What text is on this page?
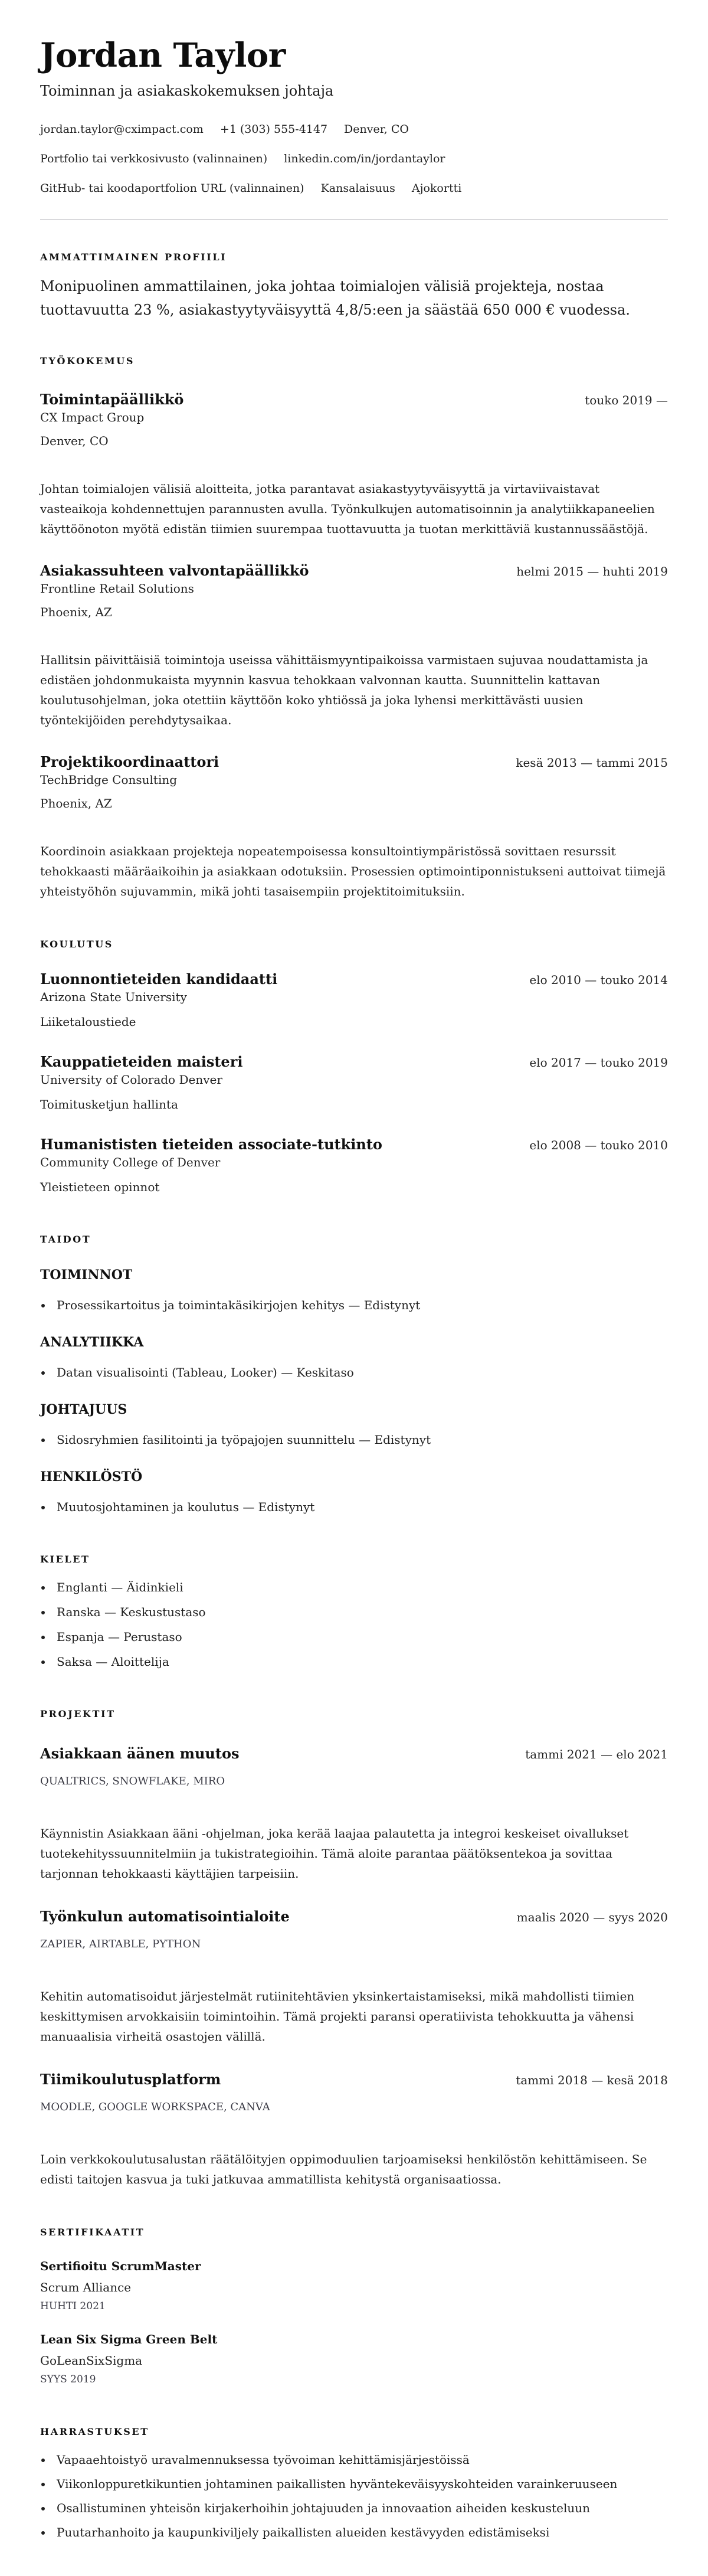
Jordan Taylor
Toiminnan ja asiakaskokemuksen johtaja
jordan.taylor@cximpact.com +1 (303) 555-4147 Denver, CO
Portfolio tai verkkosivusto (valinnainen) linkedin.com/in/jordantaylor
GitHub- tai koodaportfolion URL (valinnainen) Kansalaisuus Ajokortti
AMMATTIMAINEN PROFIILI

Monipuolinen ammattilainen, joka johtaa toimialojen välisiä projekteja, nostaa tuottavuutta 23 %, asiakastyytyväisyyttä 4,8/5:een ja säästää 650 000 € vuodessa.

TYÖKOKEMUS
Toimintapäällikkö	touko 2019 —
CX Impact Group
Denver, CO

Johtan toimialojen välisiä aloitteita, jotka parantavat asiakastyytyväisyyttä ja virtaviivaistavat vasteaikoja kohdennettujen parannusten avulla. Työnkulkujen automatisoinnin ja analytiikkapaneelien käyttöönoton myötä edistän tiimien suurempaa tuottavuutta ja tuotan merkittäviä kustannussäästöjä.

Asiakassuhteen valvontapäällikkö	helmi 2015 — huhti 2019
Frontline Retail Solutions
Phoenix, AZ

Hallitsin päivittäisiä toimintoja useissa vähittäismyyntipaikoissa varmistaen sujuvaa noudattamista ja edistäen johdonmukaista myynnin kasvua tehokkaan valvonnan kautta. Suunnittelin kattavan koulutusohjelman, joka otettiin käyttöön koko yhtiössä ja joka lyhensi merkittävästi uusien työntekijöiden perehdytysaikaa.

Projektikoordinaattori	kesä 2013 — tammi 2015
TechBridge Consulting
Phoenix, AZ

Koordinoin asiakkaan projekteja nopeatempoisessa konsultointiympäristössä sovittaen resurssit tehokkaasti määräaikoihin ja asiakkaan odotuksiin. Prosessien optimointiponnistukseni auttoivat tiimejä yhteistyöhön sujuvammin, mikä johti tasaisempiin projektitoimituksiin.

KOULUTUS
Luonnontieteiden kandidaatti	elo 2010 — touko 2014
Arizona State University
Liiketaloustiede
Kauppatieteiden maisteri	elo 2017 — touko 2019
University of Colorado Denver
Toimitusketjun hallinta
Humanististen tieteiden associate-tutkinto	elo 2008 — touko 2010
Community College of Denver
Yleistieteen opinnot
TAIDOT
TOIMINNOT
Prosessikartoitus ja toimintakäsikirjojen kehitys — Edistynyt
ANALYTIIKKA
Datan visualisointi (Tableau, Looker) — Keskitaso
JOHTAJUUS
Sidosryhmien fasilitointi ja työpajojen suunnittelu — Edistynyt
HENKILÖSTÖ
Muutosjohtaminen ja koulutus — Edistynyt
KIELET
Englanti — Äidinkieli
Ranska — Keskustustaso
Espanja — Perustaso
Saksa — Aloittelija
PROJEKTIT
Asiakkaan äänen muutos	tammi 2021 — elo 2021
QUALTRICS, SNOWFLAKE, MIRO

Käynnistin Asiakkaan ääni -ohjelman, joka kerää laajaa palautetta ja integroi keskeiset oivallukset tuotekehityssuunnitelmiin ja tukistrategioihin. Tämä aloite parantaa päätöksentekoa ja sovittaa tarjonnan tehokkaasti käyttäjien tarpeisiin.

Työnkulun automatisointialoite	maalis 2020 — syys 2020
ZAPIER, AIRTABLE, PYTHON

Kehitin automatisoidut järjestelmät rutiinitehtävien yksinkertaistamiseksi, mikä mahdollisti tiimien keskittymisen arvokkaisiin toimintoihin. Tämä projekti paransi operatiivista tehokkuutta ja vähensi manuaalisia virheitä osastojen välillä.

Tiimikoulutusplatform	tammi 2018 — kesä 2018
MOODLE, GOOGLE WORKSPACE, CANVA

Loin verkkokoulutusalustan räätälöityjen oppimoduulien tarjoamiseksi henkilöstön kehittämiseen. Se edisti taitojen kasvua ja tuki jatkuvaa ammatillista kehitystä organisaatiossa.

SERTIFIKAATIT
Sertifioitu ScrumMaster
Scrum Alliance
HUHTI 2021
Lean Six Sigma Green Belt
GoLeanSixSigma
SYYS 2019
HARRASTUKSET
Vapaaehtoistyö uravalmennuksessa työvoiman kehittämisjärjestöissä
Viikonloppuretkikuntien johtaminen paikallisten hyväntekeväisyyskohteiden varainkeruuseen
Osallistuminen yhteisön kirjakerhoihin johtajuuden ja innovaation aiheiden keskusteluun
Puutarhanhoito ja kaupunkiviljely paikallisten alueiden kestävyyden edistämiseksi
